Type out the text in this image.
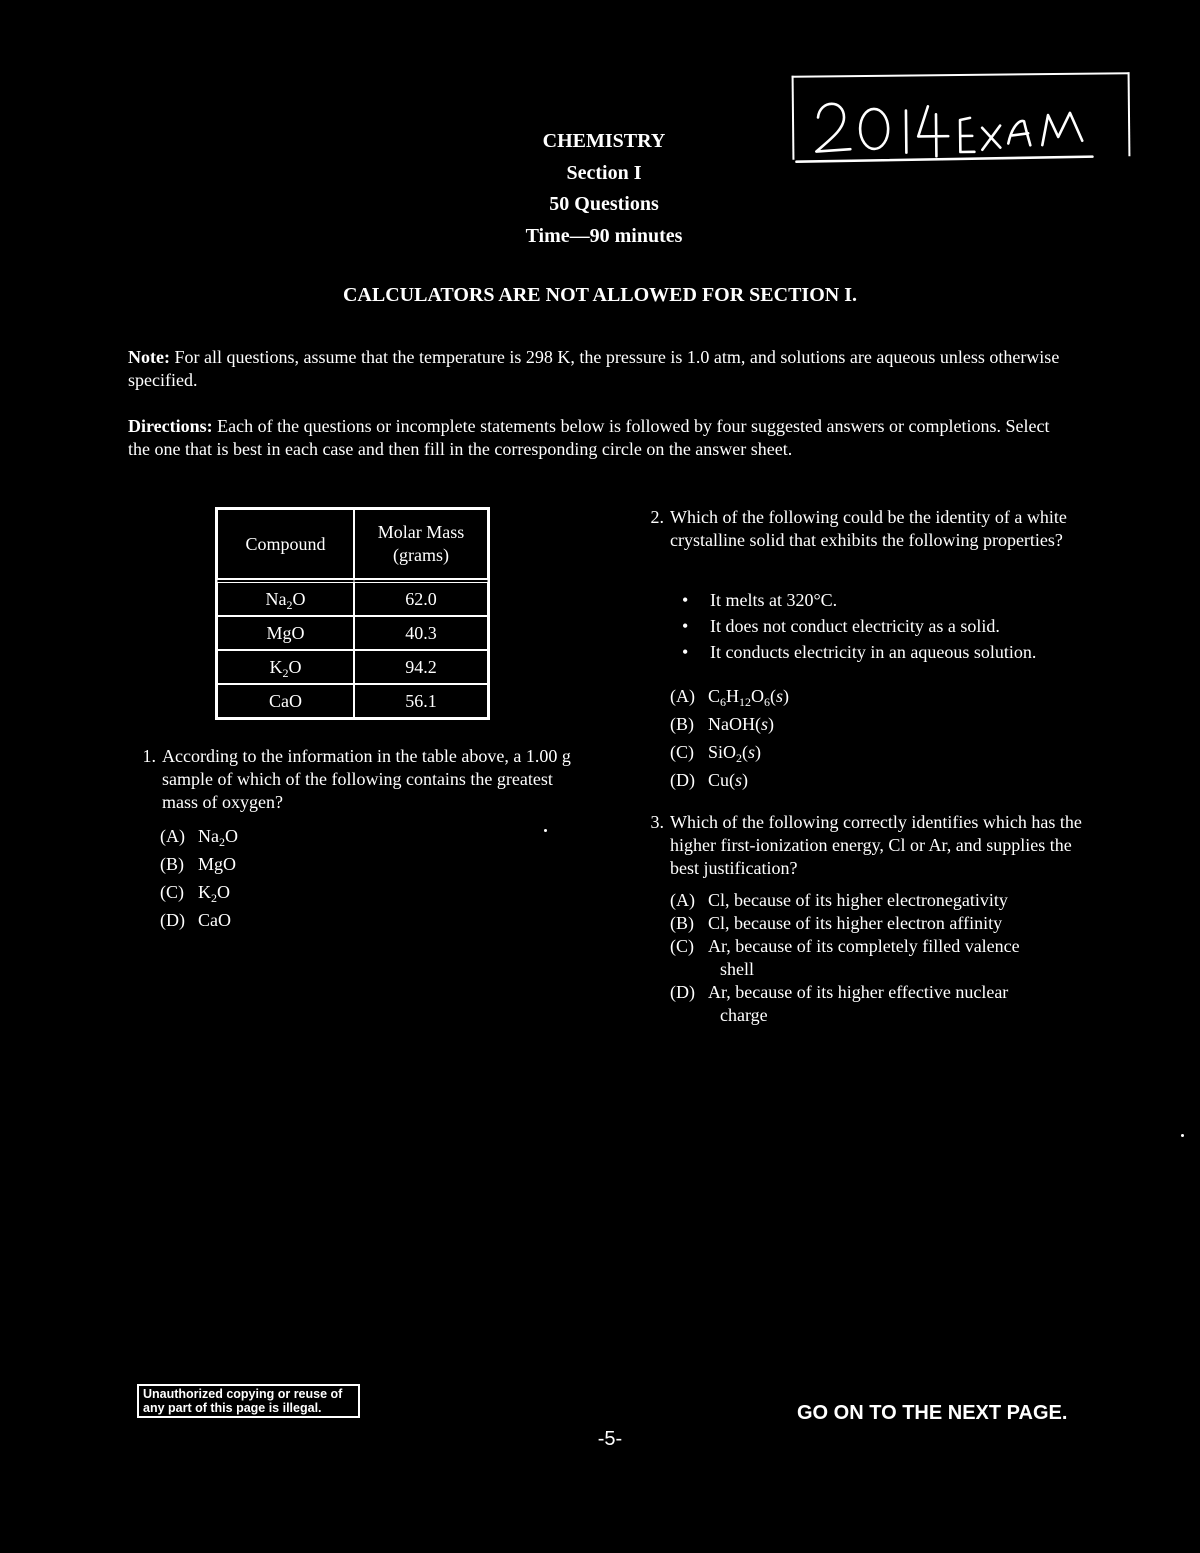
CHEMISTRY
Section I
50 Questions
Time—90 minutes
CALCULATORS ARE NOT ALLOWED FOR SECTION I.
Note: For all questions, assume that the temperature is 298 K, the pressure is 1.0 atm, and solutions are aqueous unless otherwise specified.
Directions: Each of the questions or incomplete statements below is followed by four suggested answers or completions. Select the one that is best in each case and then fill in the corresponding circle on the answer sheet.
Compound	Molar Mass
(grams)
$Na_2O$	62.0
MgO	40.3
$K_2O$	94.2
CaO	56.1
1. According to the information in the table above, a 1.00 g sample of which of the following contains the greatest mass of oxygen?
(A) $Na_2O$
(B) MgO
(C) $K_2O$
(D) CaO
2. Which of the following could be the identity of a white crystalline solid that exhibits the following properties?
• It melts at 320°C.
• It does not conduct electricity as a solid.
• It conducts electricity in an aqueous solution.
(A) $C_6H_{12}O_6(s)$
(B) NaOH(s)
(C) SiO$_2$(s)
(D) Cu(s)
3. Which of the following correctly identifies which has the higher first-ionization energy, Cl or Ar, and supplies the best justification?
(A) Cl, because of its higher electronegativity
(B) Cl, because of its higher electron affinity
(C) Ar, because of its completely filled valence
shell
(D) Ar, because of its higher effective nuclear
charge
Unauthorized copying or reuse of
any part of this page is illegal.
-5-
GO ON TO THE NEXT PAGE.
